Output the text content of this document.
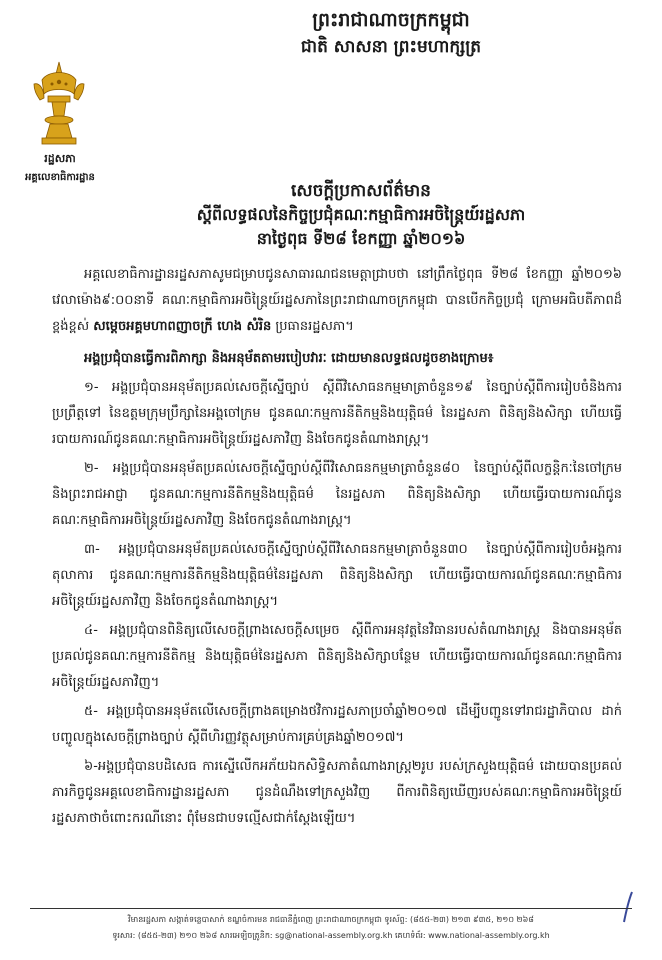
ព្រះរាជាណាចក្រកម្ពុជា
ជាតិ សាសនា ព្រះមហាក្សត្រ
រដ្ឋសភា
អគ្គលេខាធិការដ្ឋាន
សេចក្តីប្រកាសព័ត៌មាន
ស្តីពីលទ្ធផលនៃកិច្ចប្រជុំគណៈកម្មាធិការអចិន្ត្រៃយ៍រដ្ឋសភា
នាថ្ងៃពុធ ទី២៨ ខែកញ្ញា ឆ្នាំ២០១៦

អគ្គលេខាធិការដ្ឋានរដ្ឋសភាសូមជម្រាបជូនសាធារណជនមេត្តាជ្រាបថា នៅព្រឹកថ្ងៃពុធ ទី២៨ ខែកញ្ញា ឆ្នាំ២០១៦ វេលាម៉ោង៩:០០នាទី គណៈកម្មាធិការអចិន្ត្រៃយ៍រដ្ឋសភានៃព្រះរាជាណាចក្រកម្ពុជា បានបើកកិច្ចប្រជុំ ក្រោមអធិបតីភាពដ៏ខ្ពង់ខ្ពស់ សម្តេចអគ្គមហាពញាចក្រី ហេង សំរិន ប្រធានរដ្ឋសភា។

អង្គប្រជុំបានធ្វើការពិភាក្សា និងអនុម័តតាមរបៀបវារៈ ដោយមានលទ្ធផលដូចខាងក្រោម៖

១- អង្គប្រជុំបានអនុម័តប្រគល់សេចក្តីស្នើច្បាប់ ស្តីពីវិសោធនកម្មមាត្រាចំនួន១៩ នៃច្បាប់ស្តីពីការរៀបចំនិងការប្រព្រឹត្តទៅ នៃឧត្តមក្រុមប្រឹក្សានៃអង្គចៅក្រម ជូនគណៈកម្មការនីតិកម្មនិងយុត្តិធម៌ នៃរដ្ឋសភា ពិនិត្យនិងសិក្សា ហើយធ្វើរបាយការណ៍ជូនគណៈកម្មាធិការអចិន្ត្រៃយ៍រដ្ឋសភាវិញ និងចែកជូនតំណាងរាស្ត្រ។

២- អង្គប្រជុំបានអនុម័តប្រគល់សេចក្តីស្នើច្បាប់ស្តីពីវិសោធនកម្មមាត្រាចំនួន៨០ នៃច្បាប់ស្តីពីលក្ខន្តិកៈនៃចៅក្រម និងព្រះរាជអាជ្ញា ជូនគណៈកម្មការនីតិកម្មនិងយុត្តិធម៌ នៃរដ្ឋសភា ពិនិត្យនិងសិក្សា ហើយធ្វើរបាយការណ៍ជូនគណៈកម្មាធិការអចិន្ត្រៃយ៍រដ្ឋសភាវិញ និងចែកជូនតំណាងរាស្ត្រ។

៣- អង្គប្រជុំបានអនុម័តប្រគល់សេចក្តីស្នើច្បាប់ស្តីពីវិសោធនកម្មមាត្រាចំនួន៣០ នៃច្បាប់ស្តីពីការរៀបចំអង្គការតុលាការ ជូនគណៈកម្មការនីតិកម្មនិងយុត្តិធម៌នៃរដ្ឋសភា ពិនិត្យនិងសិក្សា ហើយធ្វើរបាយការណ៍ជូនគណៈកម្មាធិការអចិន្ត្រៃយ៍រដ្ឋសភាវិញ និងចែកជូនតំណាងរាស្ត្រ។

៤- អង្គប្រជុំបានពិនិត្យលើសេចក្តីព្រាងសេចក្តីសម្រេច ស្តីពីការអនុវត្តនៃវិធានរបស់តំណាងរាស្ត្រ និងបានអនុម័តប្រគល់ជូនគណៈកម្មការនីតិកម្ម និងយុត្តិធម៌នៃរដ្ឋសភា ពិនិត្យនិងសិក្សាបន្ថែម ហើយធ្វើរបាយការណ៍ជូនគណៈកម្មាធិការអចិន្ត្រៃយ៍រដ្ឋសភាវិញ។

៥- អង្គប្រជុំបានអនុម័តលើសេចក្តីព្រាងគម្រោងថវិការដ្ឋសភាប្រចាំឆ្នាំ២០១៧ ដើម្បីបញ្ជូនទៅរាជរដ្ឋាភិបាល ដាក់បញ្ចូលក្នុងសេចក្តីព្រាងច្បាប់ ស្តីពីហិរញ្ញវត្ថុសម្រាប់ការគ្រប់គ្រងឆ្នាំ២០១៧។

៦-អង្គប្រជុំបានបដិសេធ ការស្នើលើកអភ័យឯកសិទ្ធិសភាតំណាងរាស្ត្រ២រូប របស់ក្រសួងយុត្តិធម៌ ដោយបានប្រគល់ភារកិច្ចជូនអគ្គលេខាធិការដ្ឋានរដ្ឋសភា ជូនដំណឹងទៅក្រសួងវិញ ពីការពិនិត្យឃើញរបស់គណៈកម្មាធិការអចិន្ត្រៃយ៍រដ្ឋសភាថាចំពោះករណីនោះ ពុំមែនជាបទល្មើសជាក់ស្តែងឡើយ។

វិមានរដ្ឋសភា សង្កាត់ទន្លេបាសាក់ ខណ្ឌចំការមន រាជធានីភ្នំពេញ ព្រះរាជាណាចក្រកម្ពុជា ទូរស័ព្ទ: (៨៥៥-២៣) ២១៣ ៩៣៥, ២១០ ២៦៨
ទូរសារ: (៨៥៥-២៣) ២១០ ២៦៨ សារអេឡិចត្រូនិក: sg@national-assembly.org.kh គេហទំព័រ: www.national-assembly.org.kh
